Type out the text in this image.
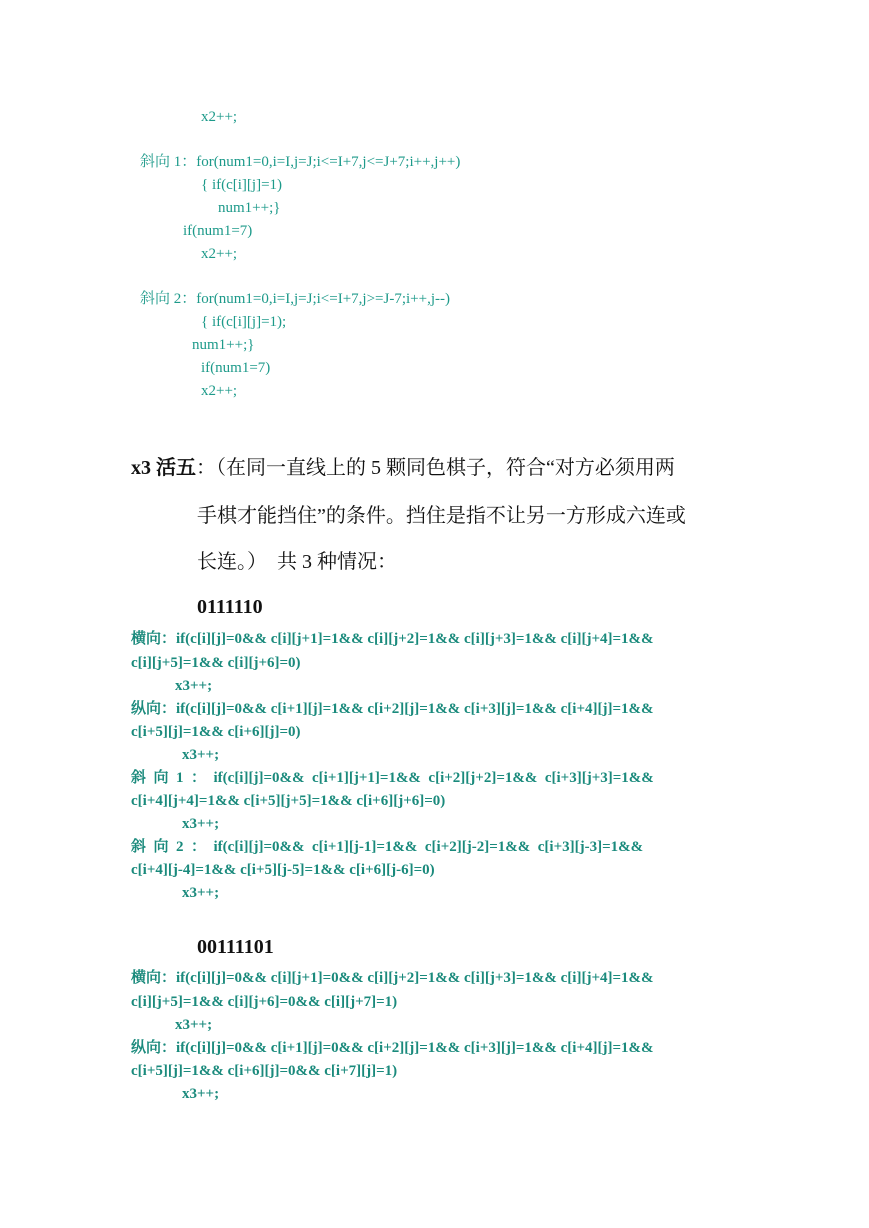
x2++;
斜向 1：for(num1=0,i=I,j=J;i<=I+7,j<=J+7;i++,j++)
{ if(c[i][j]=1)
num1++;}
if(num1=7)
x2++;
斜向 2：for(num1=0,i=I,j=J;i<=I+7,j>=J-7;i++,j--)
{ if(c[i][j]=1);
num1++;}
if(num1=7)
x2++;
x3 活五：（在同一直线上的 5 颗同色棋子，符合“对方必须用两
手棋才能挡住”的条件。挡住是指不让另一方形成六连或
长连。）  共 3 种情况：
0111110
横向：if(c[i][j]=0&& c[i][j+1]=1&& c[i][j+2]=1&& c[i][j+3]=1&& c[i][j+4]=1&&
c[i][j+5]=1&& c[i][j+6]=0)
x3++;
纵向：if(c[i][j]=0&& c[i+1][j]=1&& c[i+2][j]=1&& c[i+3][j]=1&& c[i+4][j]=1&&
c[i+5][j]=1&& c[i+6][j]=0)
x3++;
斜  向  1  ：  if(c[i][j]=0&&  c[i+1][j+1]=1&&  c[i+2][j+2]=1&&  c[i+3][j+3]=1&&
c[i+4][j+4]=1&& c[i+5][j+5]=1&& c[i+6][j+6]=0)
x3++;
斜  向  2  ：  if(c[i][j]=0&&  c[i+1][j-1]=1&&  c[i+2][j-2]=1&&  c[i+3][j-3]=1&&
c[i+4][j-4]=1&& c[i+5][j-5]=1&& c[i+6][j-6]=0)
x3++;
00111101
横向：if(c[i][j]=0&& c[i][j+1]=0&& c[i][j+2]=1&& c[i][j+3]=1&& c[i][j+4]=1&&
c[i][j+5]=1&& c[i][j+6]=0&& c[i][j+7]=1)
x3++;
纵向：if(c[i][j]=0&& c[i+1][j]=0&& c[i+2][j]=1&& c[i+3][j]=1&& c[i+4][j]=1&&
c[i+5][j]=1&& c[i+6][j]=0&& c[i+7][j]=1)
x3++;
